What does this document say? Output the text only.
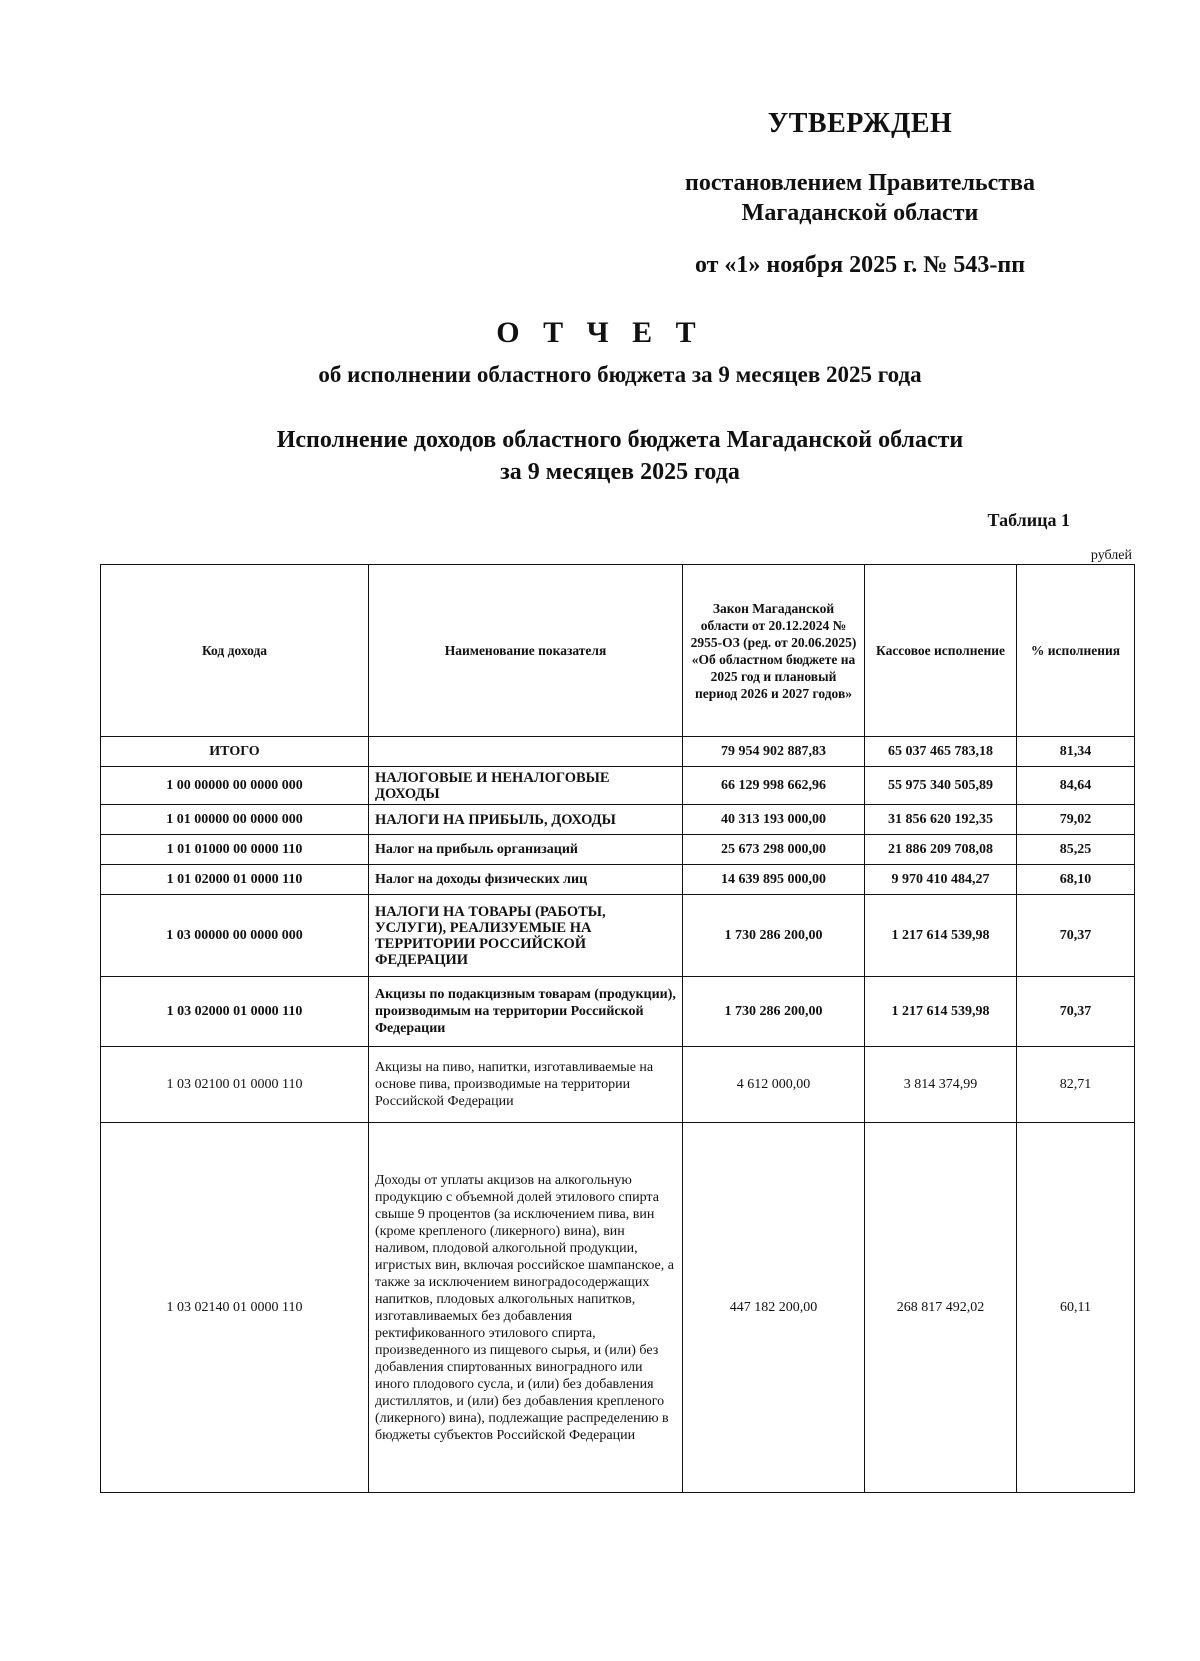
УТВЕРЖДЕН
постановлением Правительства
Магаданской области
от «1» ноября 2025 г. № 543-пп
О Т Ч Е Т
об исполнении областного бюджета за 9 месяцев 2025 года
Исполнение доходов областного бюджета Магаданской области
за 9 месяцев 2025 года
Таблица 1
рублей
Код дохода	Наименование показателя	Закон Магаданской области от 20.12.2024 № 2955-ОЗ (ред. от 20.06.2025) «Об областном бюджете на 2025 год и плановый период 2026 и 2027 годов»	Кассовое исполнение	% исполнения
ИТОГО		79 954 902 887,83	65 037 465 783,18	81,34
1 00 00000 00 0000 000	НАЛОГОВЫЕ И НЕНАЛОГОВЫЕ ДОХОДЫ	66 129 998 662,96	55 975 340 505,89	84,64
1 01 00000 00 0000 000	НАЛОГИ НА ПРИБЫЛЬ, ДОХОДЫ	40 313 193 000,00	31 856 620 192,35	79,02
1 01 01000 00 0000 110	Налог на прибыль организаций	25 673 298 000,00	21 886 209 708,08	85,25
1 01 02000 01 0000 110	Налог на доходы физических лиц	14 639 895 000,00	9 970 410 484,27	68,10
1 03 00000 00 0000 000	НАЛОГИ НА ТОВАРЫ (РАБОТЫ, УСЛУГИ), РЕАЛИЗУЕМЫЕ НА ТЕРРИТОРИИ РОССИЙСКОЙ ФЕДЕРАЦИИ	1 730 286 200,00	1 217 614 539,98	70,37
1 03 02000 01 0000 110	Акцизы по подакцизным товарам (продукции), производимым на территории Российской Федерации	1 730 286 200,00	1 217 614 539,98	70,37
1 03 02100 01 0000 110	Акцизы на пиво, напитки, изготавливаемые на основе пива, производимые на территории Российской Федерации	4 612 000,00	3 814 374,99	82,71
1 03 02140 01 0000 110	Доходы от уплаты акцизов на алкогольную продукцию с объемной долей этилового спирта свыше 9 процентов (за исключением пива, вин (кроме крепленого (ликерного) вина), вин наливом, плодовой алкогольной продукции, игристых вин, включая российское шампанское, а также за исключением виноградосодержащих напитков, плодовых алкогольных напитков, изготавливаемых без добавления ректификованного этилового спирта, произведенного из пищевого сырья, и (или) без добавления спиртованных виноградного или иного плодового сусла, и (или) без добавления дистиллятов, и (или) без добавления крепленого (ликерного) вина), подлежащие распределению в бюджеты субъектов Российской Федерации	447 182 200,00	268 817 492,02	60,11
